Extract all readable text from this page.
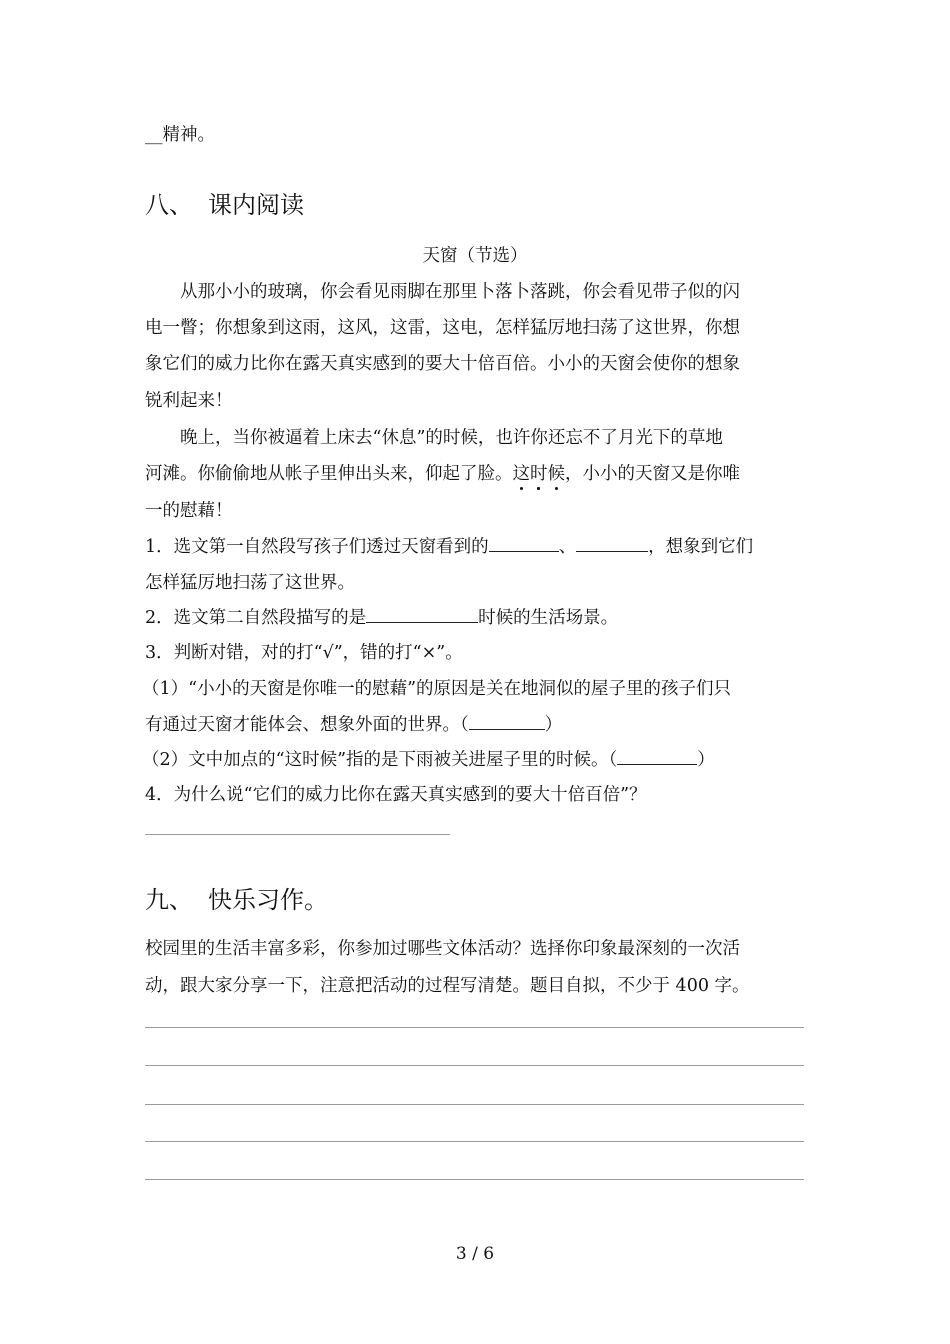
__精神。
八、 课内阅读
天窗（节选）
从那小小的玻璃，你会看见雨脚在那里卜落卜落跳，你会看见带子似的闪
电一瞥；你想象到这雨，这风，这雷，这电，怎样猛厉地扫荡了这世界，你想
象它们的威力比你在露天真实感到的要大十倍百倍。小小的天窗会使你的想象
锐利起来！
晚上，当你被逼着上床去“休息”的时候，也许你还忘不了月光下的草地
河滩。你偷偷地从帐子里伸出头来，仰起了脸。这时候，小小的天窗又是你唯
一的慰藉！
1．选文第一自然段写孩子们透过天窗看到的	、	，想象到它们
怎样猛厉地扫荡了这世界。
2．选文第二自然段描写的是	时候的生活场景。
3．判断对错，对的打“√”，错的打“×”。
（1）“小小的天窗是你唯一的慰藉”的原因是关在地洞似的屋子里的孩子们只
有通过天窗才能体会、想象外面的世界。（	）
（2）文中加点的“这时候”指的是下雨被关进屋子里的时候。（	）
4．为什么说“它们的威力比你在露天真实感到的要大十倍百倍”？
九、 快乐习作。
校园里的生活丰富多彩，你参加过哪些文体活动？选择你印象最深刻的一次活
动，跟大家分享一下，注意把活动的过程写清楚。题目自拟，不少于 400 字。
3 / 6
